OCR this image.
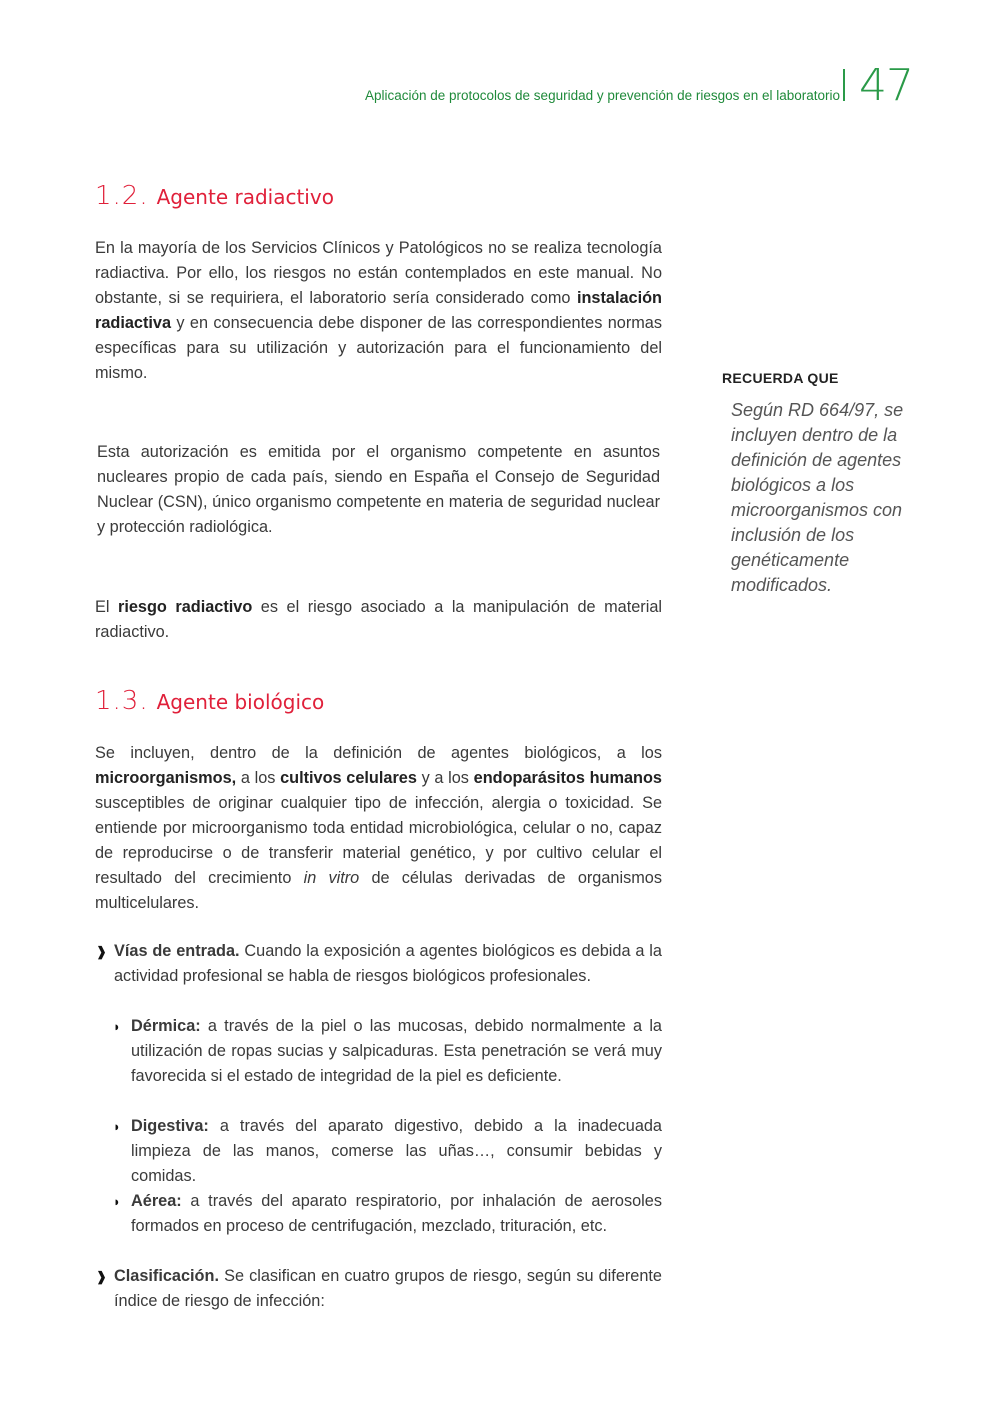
Aplicación de protocolos de seguridad y prevención de riesgos en el laboratorio 47
1.2. Agente radiactivo
En la mayoría de los Servicios Clínicos y Patológicos no se realiza tecnología radiactiva. Por ello, los riesgos no están contemplados en este manual. No obstante, si se requiriera, el laboratorio sería considerado como instalación radiactiva y en consecuencia debe disponer de las correspondientes normas específicas para su utilización y autorización para el funcionamiento del mismo.
Esta autorización es emitida por el organismo competente en asuntos nucleares propio de cada país, siendo en España el Consejo de Seguridad Nuclear (CSN), único organismo competente en materia de seguridad nuclear y protección radiológica.
El riesgo radiactivo es el riesgo asociado a la manipulación de material radiactivo.
1.3. Agente biológico
Se incluyen, dentro de la definición de agentes biológicos, a los microorganismos, a los cultivos celulares y a los endoparásitos humanos susceptibles de originar cualquier tipo de infección, alergia o toxicidad. Se entiende por microorganismo toda entidad microbiológica, celular o no, capaz de reproducirse o de transferir material genético, y por cultivo celular el resultado del crecimiento in vitro de células derivadas de organismos multicelulares.
❱ Vías de entrada. Cuando la exposición a agentes biológicos es debida a la actividad profesional se habla de riesgos biológicos profesionales.
◗ Dérmica: a través de la piel o las mucosas, debido normalmente a la utilización de ropas sucias y salpicaduras. Esta penetración se verá muy favorecida si el estado de integridad de la piel es deficiente.
◗ Digestiva: a través del aparato digestivo, debido a la inadecuada limpieza de las manos, comerse las uñas…, consumir bebidas y comidas.
◗ Aérea: a través del aparato respiratorio, por inhalación de aerosoles formados en proceso de centrifugación, mezclado, trituración, etc.
❱ Clasificación. Se clasifican en cuatro grupos de riesgo, según su diferente índice de riesgo de infección:
RECUERDA QUE
Según RD 664/97, se incluyen dentro de la definición de agentes biológicos a los microorganismos con inclusión de los genéticamente modificados.
